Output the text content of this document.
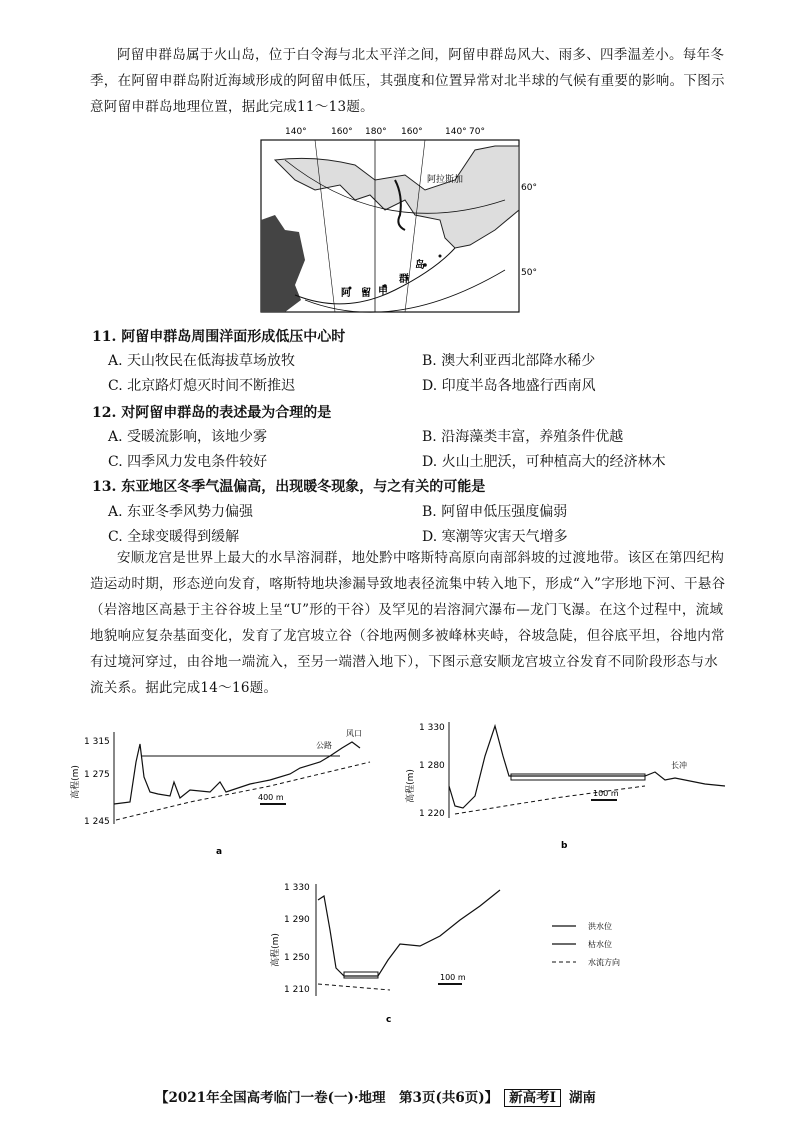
阿留申群岛属于火山岛，位于白令海与北太平洋之间，阿留申群岛风大、雨多、四季温差小。每年冬季，在阿留申群岛附近海域形成的阿留申低压，其强度和位置异常对北半球的气候有重要的影响。下图示意阿留申群岛地理位置，据此完成11～13题。
140°	160° 180° 160° 140° 70°
阿拉斯加
阿 留 申
群
岛
60°
50°
11. 阿留申群岛周围洋面形成低压中心时
A. 天山牧民在低海拔草场放牧	B. 澳大利亚西北部降水稀少
C. 北京路灯熄灭时间不断推迟	D. 印度半岛各地盛行西南风
12. 对阿留申群岛的表述最为合理的是
A. 受暖流影响，该地少雾	B. 沿海藻类丰富，养殖条件优越
C. 四季风力发电条件较好	D. 火山土肥沃，可种植高大的经济林木
13. 东亚地区冬季气温偏高，出现暖冬现象，与之有关的可能是
A. 东亚冬季风势力偏强	B. 阿留申低压强度偏弱
C. 全球变暖得到缓解	D. 寒潮等灾害天气增多
安顺龙宫是世界上最大的水旱溶洞群，地处黔中喀斯特高原向南部斜坡的过渡地带。该区在第四纪构造运动时期，形态逆向发育，喀斯特地块渗漏导致地表径流集中转入地下，形成“入”字形地下河、干悬谷（岩溶地区高悬于主谷谷坡上呈“U”形的干谷）及罕见的岩溶洞穴瀑布—龙门飞瀑。在这个过程中，流域地貌响应复杂基面变化，发育了龙宫坡立谷（谷地两侧多被峰林夹峙，谷坡急陡，但谷底平坦，谷地内常有过境河穿过，由谷地一端流入，至另一端潜入地下），下图示意安顺龙宫坡立谷发育不同阶段形态与水流关系。据此完成14～16题。
高程(m)
1 315
1 275
1 245
公路
风口
400 m
a
高程(m)
1 330
1 280
1 220
长冲
100 m
b
高程(m)
1 330
1 290
1 250
1 210
100 m
c
洪水位
枯水位
水流方向
【2021年全国高考临门一卷(一)·地理　第3页(共6页)】 新高考Ⅰ 湖南
